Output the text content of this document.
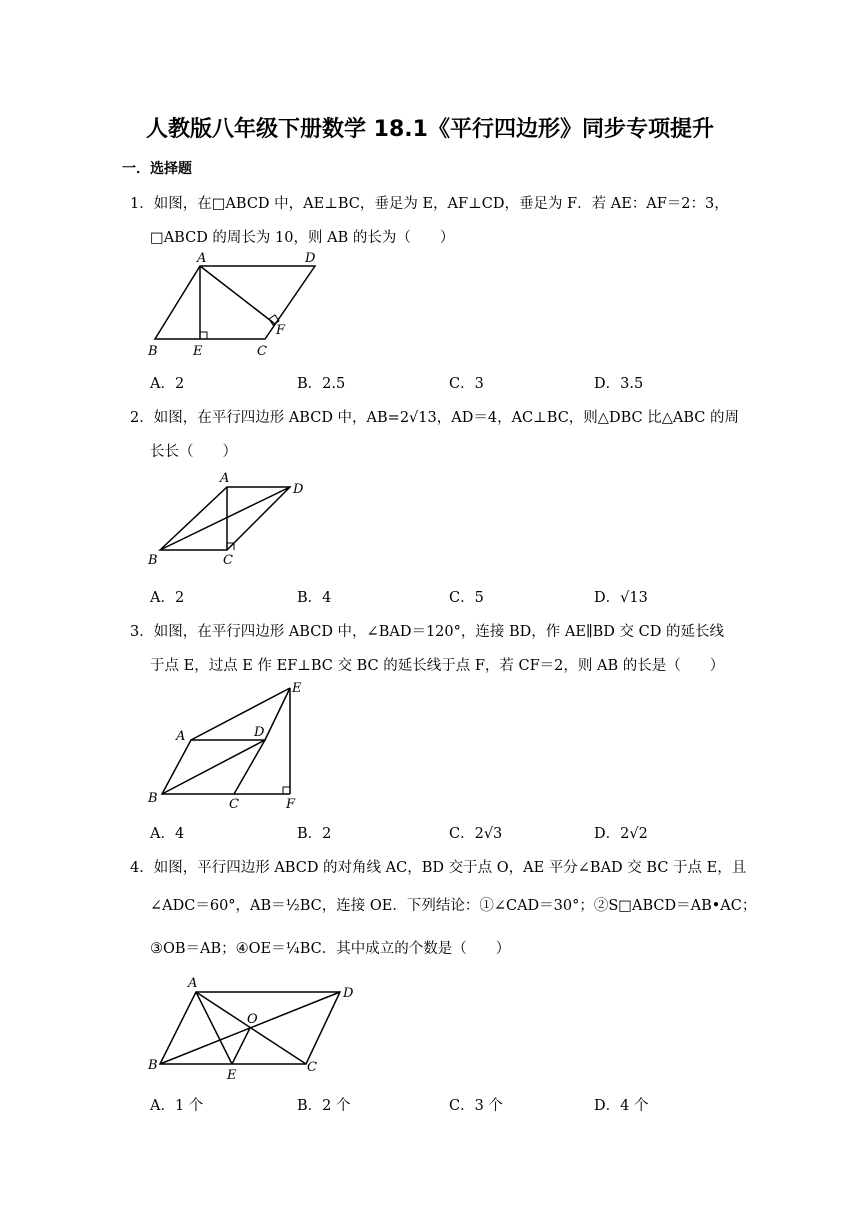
人教版八年级下册数学 18.1《平行四边形》同步专项提升
一．选择题
1．如图，在□ABCD 中，AE⊥BC，垂足为 E，AF⊥CD，垂足为 F．若 AE：AF＝2：3，
□ABCD 的周长为 10，则 AB 的长为（　　）
A	D
B	E	C
F
A．2	B．2.5	C．3	D．3.5
2．如图，在平行四边形 ABCD 中，AB=2√13，AD＝4，AC⊥BC，则△DBC 比△ABC 的周
长长（　　）
A
D
B	C
A．2	B．4	C．5	D．√13
3．如图，在平行四边形 ABCD 中，∠BAD＝120°，连接 BD，作 AE∥BD 交 CD 的延长线
于点 E，过点 E 作 EF⊥BC 交 BC 的延长线于点 F，若 CF＝2，则 AB 的长是（　　）
E
A	D
B	C	F
A．4	B．2	C．2√3	D．2√2
4．如图，平行四边形 ABCD 的对角线 AC，BD 交于点 O，AE 平分∠BAD 交 BC 于点 E，且
∠ADC＝60°，AB＝½BC，连接 OE．下列结论：①∠CAD＝30°；②S□ABCD＝AB•AC；
③OB＝AB；④OE＝¼BC．其中成立的个数是（　　）
A
D
O
B
E
C
A．1 个	B．2 个	C．3 个	D．4 个
